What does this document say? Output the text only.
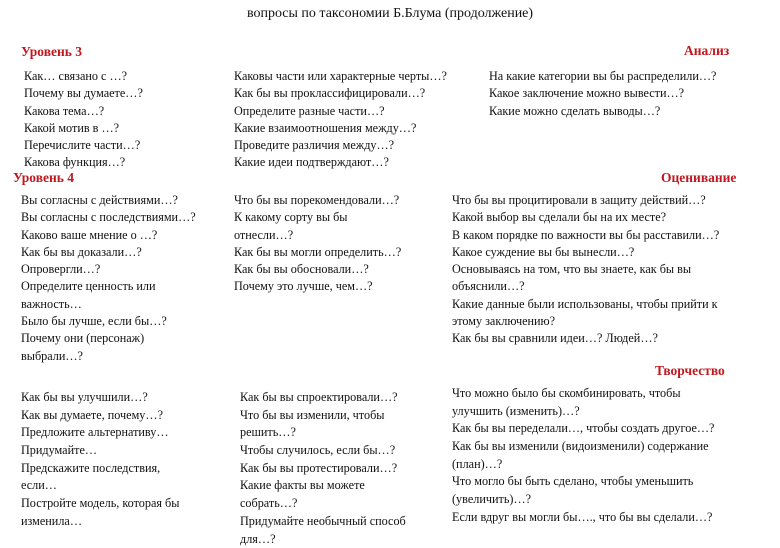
вопросы по таксономии Б.Блума (продолжение)
Уровень 3	Анализ
Как… связано с …?
Почему вы думаете…?
Какова тема…?
Какой мотив в …?
Перечислите части…?
Какова функция…?
Каковы части или характерные черты…?
Как бы вы проклассифицировали…?
Определите разные части…?
Какие взаимоотношения между…?
Проведите различия между…?
Какие идеи подтверждают…?
На какие категории вы бы распределили…?
Какое заключение можно вывести…?
Какие можно сделать выводы…?
Уровень 4	Оценивание
Вы согласны с действиями…?
Вы согласны с последствиями…?
Каково ваше мнение о …?
Как бы вы доказали…?
Опровергли…?
Определите ценность или
важность…
Было бы лучше, если бы…?
Почему они (персонаж)
выбрали…?
Что бы вы порекомендовали…?
К какому сорту вы бы
отнесли…?
Как бы вы могли определить…?
Как бы вы обосновали…?
Почему это лучше, чем…?
Что бы вы процитировали в защиту действий…?
Какой выбор вы сделали бы на их месте?
В каком порядке по важности вы бы расставили…?
Какое суждение вы бы вынесли…?
Основываясь на том, что вы знаете, как бы вы
объяснили…?
Какие данные были использованы, чтобы прийти к
этому заключению?
Как бы вы сравнили идеи…? Людей…?
Творчество
Как бы вы улучшили…?
Как вы думаете, почему…?
Предложите альтернативу…
Придумайте…
Предскажите последствия,
если…
Постройте модель, которая бы
изменила…
Как бы вы спроектировали…?
Что бы вы изменили, чтобы
решить…?
Чтобы случилось, если бы…?
Как бы вы протестировали…?
Какие факты вы можете
собрать…?
Придумайте необычный способ
для…?
Что можно было бы скомбинировать, чтобы
улучшить (изменить)…?
Как бы вы переделали…, чтобы создать другое…?
Как бы вы изменили (видоизменили) содержание
(план)…?
Что могло бы быть сделано, чтобы уменьшить
(увеличить)…?
Если вдруг вы могли бы…., что бы вы сделали…?
